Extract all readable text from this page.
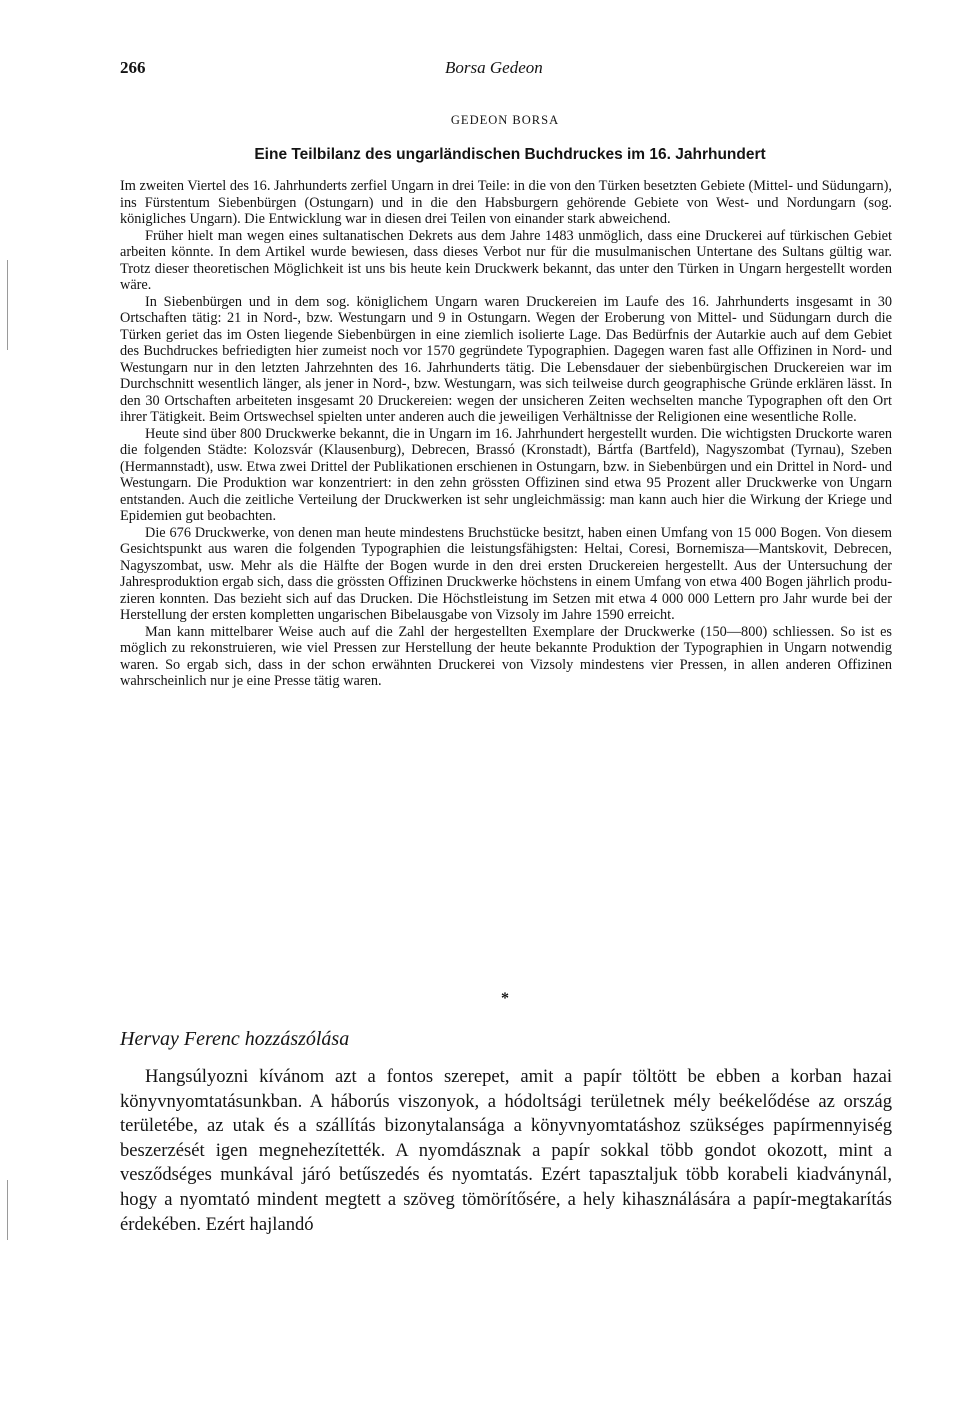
266	Borsa Gedeon
GEDEON BORSA
Eine Teilbilanz des ungarländischen Buchdruckes im 16. Jahrhundert

Im zweiten Viertel des 16. Jahrhunderts zerfiel Ungarn in drei Teile: in die von den Türken besetzten Gebiete (Mittel- und Südungarn), ins Fürstentum Siebenbürgen (Ostungarn) und in die den Habsburgern gehörende Gebiete von West- und Nordungarn (sog. königliches Ungarn). Die Entwicklung war in diesen drei Teilen von einander stark abweichend.

Früher hielt man wegen eines sultanatischen Dekrets aus dem Jahre 1483 unmöglich, dass eine Druckerei auf türkischen Gebiet arbeiten könnte. In dem Artikel wurde bewiesen, dass dieses Verbot nur für die musulmanischen Untertane des Sultans gültig war. Trotz dieser theoretischen Möglichkeit ist uns bis heute kein Druckwerk bekannt, das unter den Türken in Ungarn hergestellt worden wäre.

In Siebenbürgen und in dem sog. königlichem Ungarn waren Druckereien im Laufe des 16. Jahrhunderts insgesamt in 30 Ortschaften tätig: 21 in Nord-, bzw. Westungarn und 9 in Ostungarn. Wegen der Eroberung von Mittel- und Südungarn durch die Türken geriet das im Osten liegende Siebenbürgen in eine ziemlich isolierte Lage. Das Bedürfnis der Autarkie auch auf dem Gebiet des Buchdruckes befriedigten hier zumeist noch vor 1570 gegründete Typographien. Dagegen waren fast alle Offizinen in Nord- und Westungarn nur in den letzten Jahrzehnten des 16. Jahrhunderts tätig. Die Lebensdauer der siebenbürgischen Druckereien war im Durchschnitt wesentlich länger, als jener in Nord-, bzw. Westungarn, was sich teilweise durch geographische Gründe erklären lässt. In den 30 Ortschaften arbeiteten insgesamt 20 Druckereien: wegen der unsicheren Zeiten wechselten manche Typographen oft den Ort ihrer Tätigkeit. Beim Ortswechsel spielten unter anderen auch die jeweiligen Verhältnisse der Religionen eine wesentliche Rolle.

Heute sind über 800 Druckwerke bekannt, die in Ungarn im 16. Jahrhundert hergestellt wurden. Die wichtigsten Druckorte waren die folgenden Städte: Kolozsvár (Klausenburg), Debrecen, Brassó (Kronstadt), Bártfa (Bartfeld), Nagyszombat (Tyrnau), Szeben (Hermannstadt), usw. Etwa zwei Drittel der Publikationen erschienen in Ostungarn, bzw. in Siebenbürgen und ein Drittel in Nord- und Westungarn. Die Produktion war konzentriert: in den zehn grössten Offizinen sind etwa 95 Prozent aller Druckwerke von Ungarn entstanden. Auch die zeitliche Verteilung der Druckwerken ist sehr ungleichmässig: man kann auch hier die Wirkung der Kriege und Epidemien gut beobachten.

Die 676 Druckwerke, von denen man heute mindestens Bruchstücke besitzt, haben einen Umfang von 15 000 Bogen. Von diesem Gesichtspunkt aus waren die folgenden Typographien die leistungsfähigsten: Heltai, Coresi, Bornemisza—Mantskovit, Debrecen, Nagyszombat, usw. Mehr als die Hälfte der Bogen wurde in den drei ersten Druckereien hergestellt. Aus der Untersuchung der Jahresproduktion ergab sich, dass die grössten Offizinen Druckwerke höchstens in einem Umfang von etwa 400 Bogen jährlich produzieren konnten. Das bezieht sich auf das Drucken. Die Höchstleistung im Setzen mit etwa 4 000 000 Lettern pro Jahr wurde bei der Herstellung der ersten kompletten ungarischen Bibelausgabe von Vizsoly im Jahre 1590 erreicht.

Man kann mittelbarer Weise auch auf die Zahl der hergestellten Exemplare der Druckwerke (150—800) schliessen. So ist es möglich zu rekonstruieren, wie viel Pressen zur Herstellung der heute bekannte Produktion der Typographien in Ungarn notwendig waren. So ergab sich, dass in der schon erwähnten Druckerei von Vizsoly mindestens vier Pressen, in allen anderen Offizinen wahrscheinlich nur je eine Presse tätig waren.

*
Hervay Ferenc hozzászólása

Hangsúlyozni kívánom azt a fontos szerepet, amit a papír töltött be ebben a korban hazai könyvnyomtatásunkban. A háborús viszonyok, a hódoltsági területnek mély beékelődése az ország területébe, az utak és a szállítás bizonytalansága a könyvnyomtatáshoz szükséges papírmennyiség beszerzését igen megnehezítették. A nyomdásznak a papír sokkal több gondot okozott, mint a vesződséges munkával járó betűszedés és nyomtatás. Ezért tapasztaljuk több korabeli kiadványnál, hogy a nyomtató mindent megtett a szöveg tömörítősére, a hely kihasználására a papír-megtakarítás érdekében. Ezért hajlandó
